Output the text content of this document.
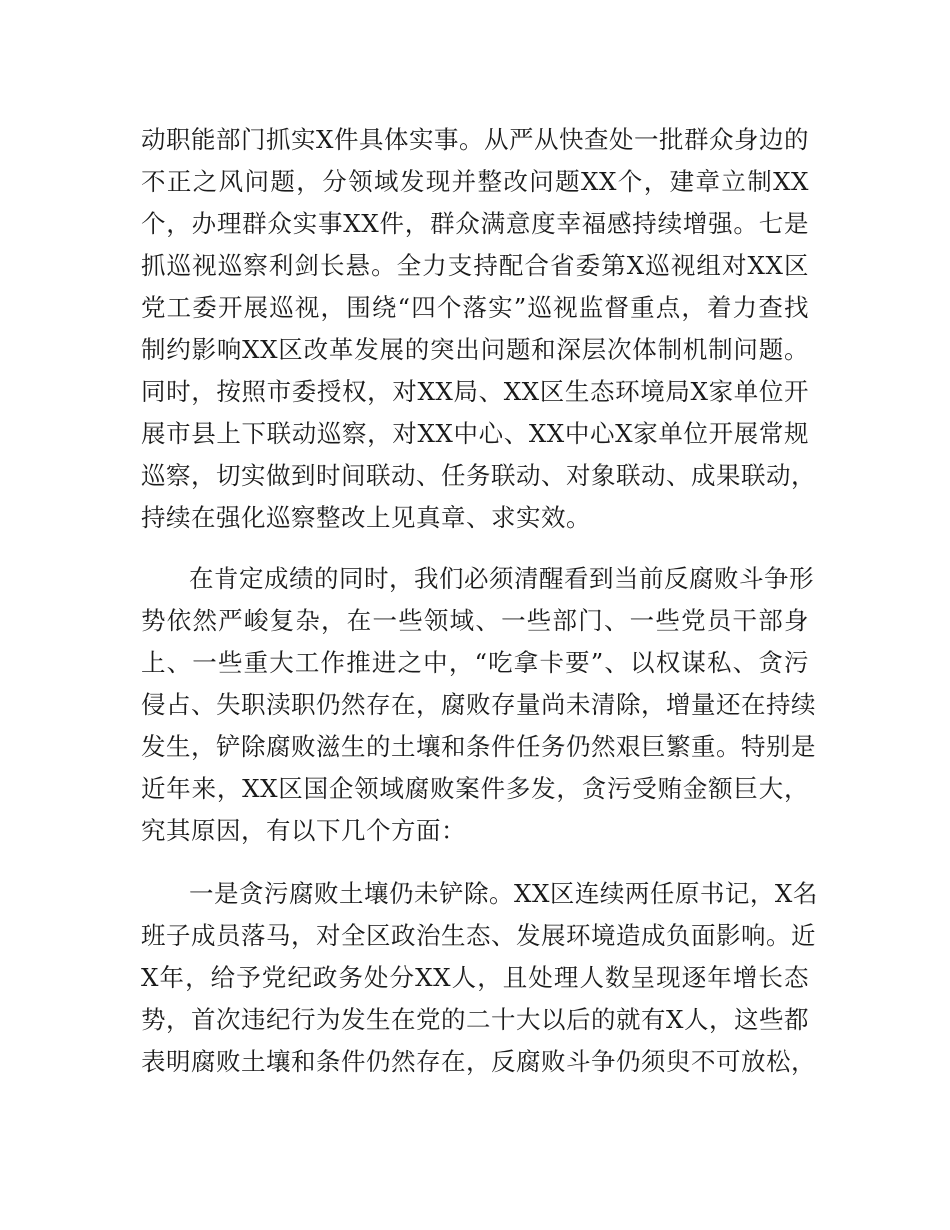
动职能部门抓实X件具体实事。从严从快查处一批群众身边的

不正之风问题，分领域发现并整改问题XX个，建章立制XX

个，办理群众实事XX件，群众满意度幸福感持续增强。七是

抓巡视巡察利剑长悬。全力支持配合省委第X巡视组对XX区

党工委开展巡视，围绕“四个落实”巡视监督重点，着力查找

制约影响XX区改革发展的突出问题和深层次体制机制问题。

同时，按照市委授权，对XX局、XX区生态环境局X家单位开

展市县上下联动巡察，对XX中心、XX中心X家单位开展常规

巡察，切实做到时间联动、任务联动、对象联动、成果联动，

持续在强化巡察整改上见真章、求实效。

在肯定成绩的同时，我们必须清醒看到当前反腐败斗争形

势依然严峻复杂，在一些领域、一些部门、一些党员干部身

上、一些重大工作推进之中，“吃拿卡要”、以权谋私、贪污

侵占、失职渎职仍然存在，腐败存量尚未清除，增量还在持续

发生，铲除腐败滋生的土壤和条件任务仍然艰巨繁重。特别是

近年来，XX区国企领域腐败案件多发，贪污受贿金额巨大，

究其原因，有以下几个方面：

一是贪污腐败土壤仍未铲除。XX区连续两任原书记，X名

班子成员落马，对全区政治生态、发展环境造成负面影响。近

X年，给予党纪政务处分XX人，且处理人数呈现逐年增长态

势，首次违纪行为发生在党的二十大以后的就有X人，这些都

表明腐败土壤和条件仍然存在，反腐败斗争仍须臾不可放松，
